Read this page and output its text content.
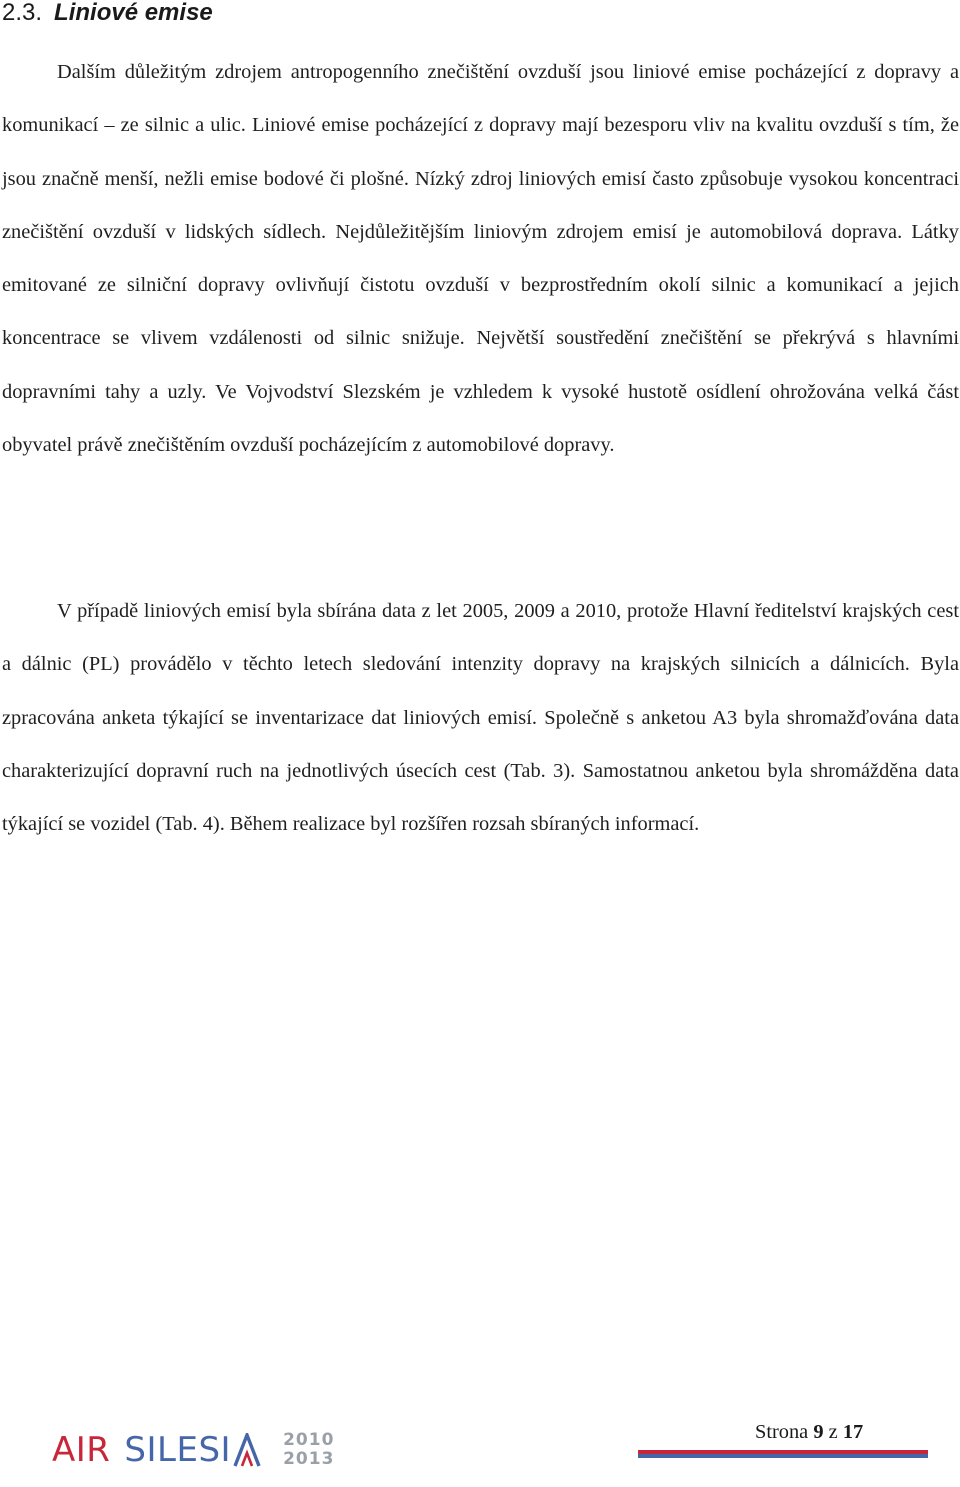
2.3. Liniové emise

Dalším důležitým zdrojem antropogenního znečištění ovzduší jsou liniové emise pocházející z dopravy a komunikací – ze silnic a ulic. Liniové emise pocházející z dopravy mají bezesporu vliv na kvalitu ovzduší s tím, že jsou značně menší, nežli emise bodové či plošné. Nízký zdroj liniových emisí často způsobuje vysokou koncentraci znečištění ovzduší v lidských sídlech. Nejdůležitějším liniovým zdrojem emisí je automobilová doprava. Látky emitované ze silniční dopravy ovlivňují čistotu ovzduší v bezprostředním okolí silnic a komunikací a jejich koncentrace se vlivem vzdálenosti od silnic snižuje. Největší soustředění znečištění se překrývá s hlavními dopravními tahy a uzly. Ve Vojvodství Slezském je vzhledem k vysoké hustotě osídlení ohrožována velká část obyvatel právě znečištěním ovzduší pocházejícím z automobilové dopravy.

V případě liniových emisí byla sbírána data z let 2005, 2009 a 2010, protože Hlavní ředitelství krajských cest a dálnic (PL) provádělo v těchto letech sledování intenzity dopravy na krajských silnicích a dálnicích. Byla zpracována anketa týkající se inventarizace dat liniových emisí. Společně s anketou A3 byla shromažďována data charakterizující dopravní ruch na jednotlivých úsecích cest (Tab. 3). Samostatnou anketou byla shromážděna data týkající se vozidel (Tab. 4). Během realizace byl rozšířen rozsah sbíraných informací.

AIR SILESI	2010
2013
Strona 9 z 17
